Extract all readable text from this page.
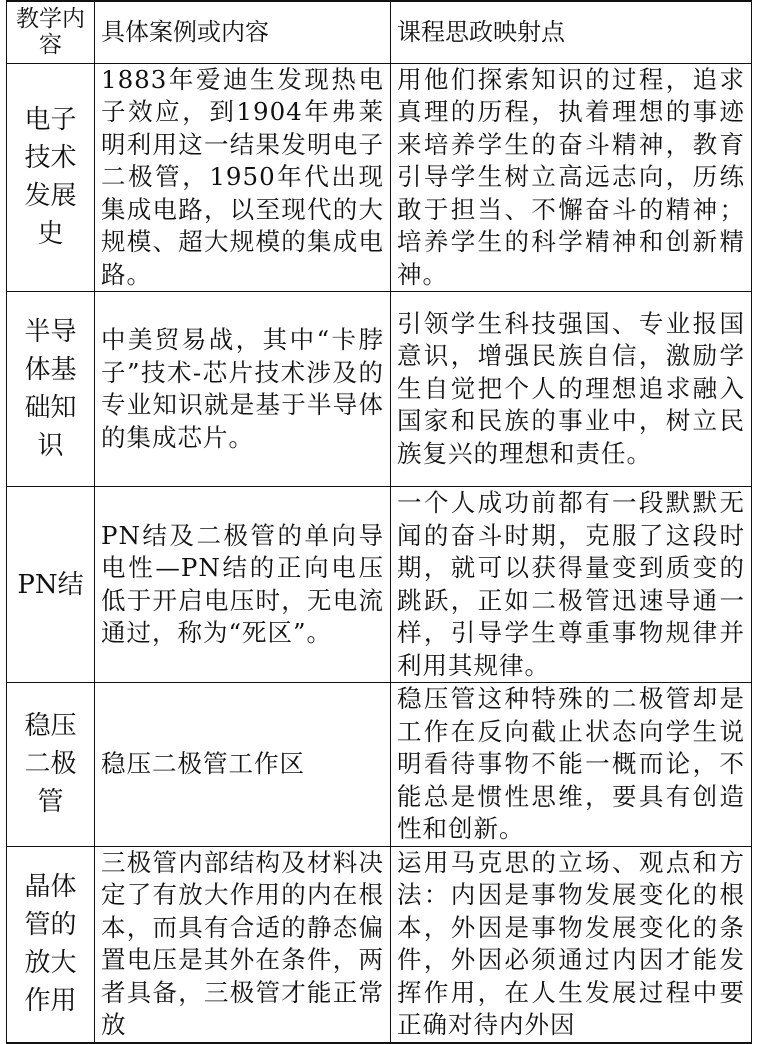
教学内容	具体案例或内容	课程思政映射点
电子技术发展史	1883年爱迪生发现热电子效应，到1904年弗莱明利用这一结果发明电子二极管，1950年代出现集成电路，以至现代的大规模、超大规模的集成电路。	用他们探索知识的过程，追求真理的历程，执着理想的事迹来培养学生的奋斗精神，教育引导学生树立高远志向，历练敢于担当、不懈奋斗的精神；培养学生的科学精神和创新精神。
半导体基础知识	中美贸易战，其中“卡脖子”技术-芯片技术涉及的专业知识就是基于半导体的集成芯片。	引领学生科技强国、专业报国意识，增强民族自信，激励学生自觉把个人的理想追求融入国家和民族的事业中，树立民族复兴的理想和责任。
PN结	PN结及二极管的单向导电性—PN结的正向电压低于开启电压时，无电流通过，称为“死区”。	一个人成功前都有一段默默无闻的奋斗时期，克服了这段时期，就可以获得量变到质变的跳跃，正如二极管迅速导通一样，引导学生尊重事物规律并利用其规律。
稳压二极管	稳压二极管工作区	稳压管这种特殊的二极管却是工作在反向截止状态向学生说明看待事物不能一概而论，不能总是惯性思维，要具有创造性和创新。
晶体管的放大作用	三极管内部结构及材料决定了有放大作用的内在根本，而具有合适的静态偏置电压是其外在条件，两者具备，三极管才能正常放	运用马克思的立场、观点和方法：内因是事物发展变化的根本，外因是事物发展变化的条件，外因必须通过内因才能发挥作用，在人生发展过程中要正确对待内外因
